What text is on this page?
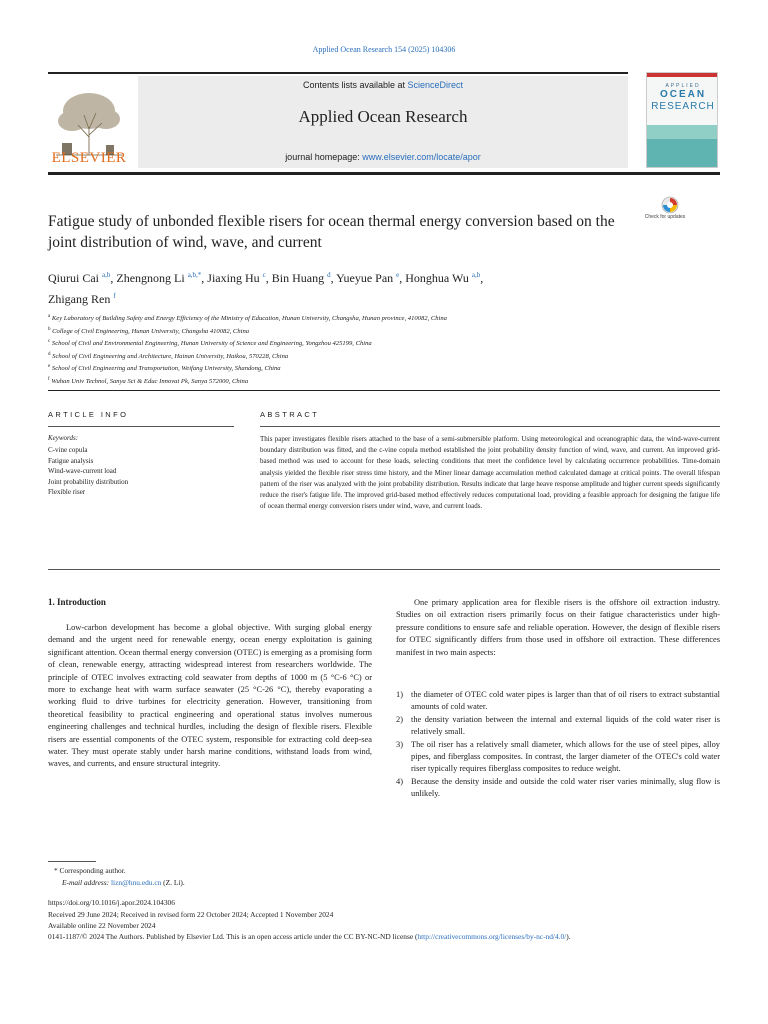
Applied Ocean Research 154 (2025) 104306
ELSEVIER
Contents lists available at ScienceDirect
Applied Ocean Research
journal homepage: www.elsevier.com/locate/apor
APPLIED
OCEAN
RESEARCH
Check for updates
Fatigue study of unbonded flexible risers for ocean thermal energy conversion based on the joint distribution of wind, wave, and current
Qiurui Cai $^{a,b}$, Zhengnong Li $^{a,b,*}$, Jiaxing Hu $^c$, Bin Huang $^d$, Yueyue Pan $^e$, Honghua Wu $^{a,b}$,
Zhigang Ren $^f$
$^a$ Key Laboratory of Building Safety and Energy Efficiency of the Ministry of Education, Hunan University, Changsha, Hunan province, 410082, China
$^b$ College of Civil Engineering, Hunan University, Changsha 410082, China
$^c$ School of Civil and Environmental Engineering, Hunan University of Science and Engineering, Yongzhou 425199, China
$^d$ School of Civil Engineering and Architecture, Hainan University, Haikou, 570228, China
$^e$ School of Civil Engineering and Transportation, Weifang University, Shandong, China
$^f$ Wuhan Univ Technol, Sanya Sci & Educ Innovat Pk, Sanya 572000, China
ARTICLE INFO
Keywords:
C-vine copula
Fatigue analysis
Wind-wave-current load
Joint probability distribution
Flexible riser
ABSTRACT
This paper investigates flexible risers attached to the base of a semi-submersible platform. Using meteorological and oceanographic data, the wind-wave-current boundary distribution was fitted, and the c-vine copula method established the joint probability density function of wind, wave, and current. An improved grid-based method was used to account for these loads, selecting conditions that meet the confidence level by calculating occurrence probabilities. Time-domain analysis yielded the flexible riser stress time history, and the Miner linear damage accumulation method calculated damage at critical points. The overall lifespan pattern of the riser was analyzed with the joint probability distribution. Results indicate that large heave response amplitude and higher current speeds significantly reduce the riser's fatigue life. The improved grid-based method effectively reduces computational load, providing a feasible approach for designing the fatigue life of ocean thermal energy conversion risers under wind, wave, and current loads.
1. Introduction
Low-carbon development has become a global objective. With surging global energy demand and the urgent need for renewable energy, ocean energy exploitation is gaining significant attention. Ocean thermal energy conversion (OTEC) is emerging as a promising form of clean, renewable energy, attracting widespread interest from researchers worldwide. The principle of OTEC involves extracting cold seawater from depths of 1000 m (5 °C-6 °C) or more to exchange heat with warm surface seawater (25 °C-26 °C), thereby evaporating a working fluid to drive turbines for electricity generation. However, transitioning from theoretical feasibility to practical engineering and operational status involves numerous engineering challenges and technical hurdles, including the design of flexible risers. Flexible risers are essential components of the OTEC system, responsible for extracting cold deep-sea water. They must operate stably under harsh marine conditions, withstand loads from wind, waves, and currents, and ensure structural integrity.
One primary application area for flexible risers is the offshore oil extraction industry. Studies on oil extraction risers primarily focus on their fatigue characteristics under high-pressure conditions to ensure safe and reliable operation. However, the design of flexible risers for OTEC significantly differs from those used in offshore oil extraction. These differences manifest in two main aspects:
1) the diameter of OTEC cold water pipes is larger than that of oil risers to extract substantial amounts of cold water.
2) the density variation between the internal and external liquids of the cold water riser is relatively small.
3) The oil riser has a relatively small diameter, which allows for the use of steel pipes, alloy pipes, and fiberglass composites. In contrast, the larger diameter of the OTEC's cold water riser typically requires fiberglass composites to reduce weight.
4) Because the density inside and outside the cold water riser varies minimally, slug flow is unlikely.
* Corresponding author.
E-mail address: lizn@hnu.edu.cn (Z. Li).
https://doi.org/10.1016/j.apor.2024.104306
Received 29 June 2024; Received in revised form 22 October 2024; Accepted 1 November 2024
Available online 22 November 2024
0141-1187/© 2024 The Authors. Published by Elsevier Ltd. This is an open access article under the CC BY-NC-ND license (http://creativecommons.org/licenses/by-nc-nd/4.0/).
